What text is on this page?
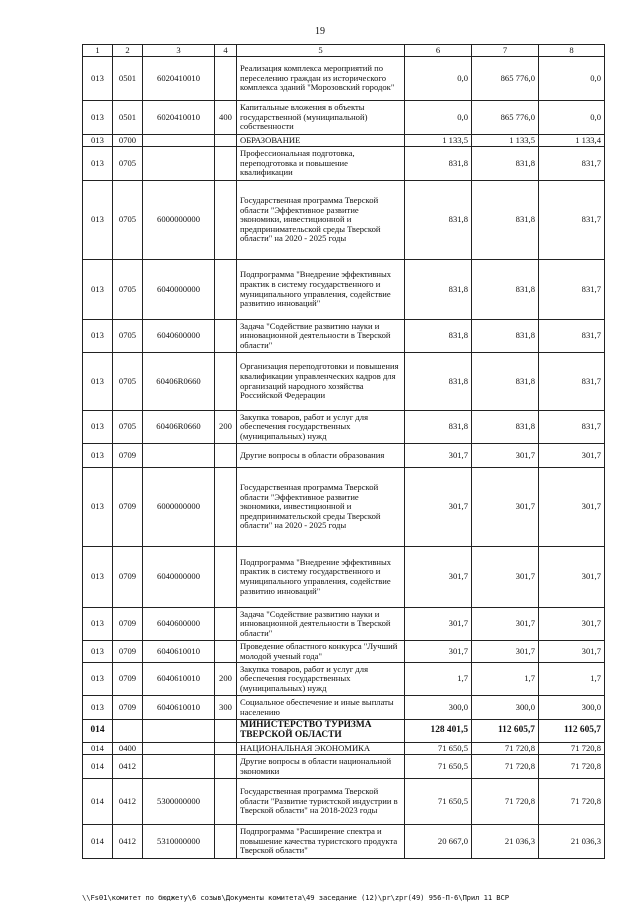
19
1	2	3	4	5	6	7	8
013	0501	6020410010		Реализация комплекса мероприятий по переселению граждан из исторического комплекса зданий "Морозовский городок"	0,0	865 776,0	0,0
013	0501	6020410010	400	Капитальные вложения в объекты государственной (муниципальной) собственности	0,0	865 776,0	0,0
013	0700			ОБРАЗОВАНИЕ	1 133,5	1 133,5	1 133,4
013	0705			Профессиональная подготовка, переподготовка и повышение квалификации	831,8	831,8	831,7
013	0705	6000000000		Государственная программа Тверской области "Эффективное развитие экономики, инвестиционной и предпринимательской среды Тверской области" на 2020 - 2025 годы	831,8	831,8	831,7
013	0705	6040000000		Подпрограмма "Внедрение эффективных практик в систему государственного и муниципального управления, содействие развитию инноваций"	831,8	831,8	831,7
013	0705	6040600000		Задача "Содействие развитию науки и инновационной деятельности в Тверской области"	831,8	831,8	831,7
013	0705	60406R0660		Организация переподготовки и повышения квалификации управленческих кадров для организаций народного хозяйства Российской Федерации	831,8	831,8	831,7
013	0705	60406R0660	200	Закупка товаров, работ и услуг для обеспечения государственных (муниципальных) нужд	831,8	831,8	831,7
013	0709			Другие вопросы в области образования	301,7	301,7	301,7
013	0709	6000000000		Государственная программа Тверской области "Эффективное развитие экономики, инвестиционной и предпринимательской среды Тверской области" на 2020 - 2025 годы	301,7	301,7	301,7
013	0709	6040000000		Подпрограмма "Внедрение эффективных практик в систему государственного и муниципального управления, содействие развитию инноваций"	301,7	301,7	301,7
013	0709	6040600000		Задача "Содействие развитию науки и инновационной деятельности в Тверской области"	301,7	301,7	301,7
013	0709	6040610010		Проведение областного конкурса "Лучший молодой ученый года"	301,7	301,7	301,7
013	0709	6040610010	200	Закупка товаров, работ и услуг для обеспечения государственных (муниципальных) нужд	1,7	1,7	1,7
013	0709	6040610010	300	Социальное обеспечение и иные выплаты населению	300,0	300,0	300,0
014				МИНИСТЕРСТВО ТУРИЗМА ТВЕРСКОЙ ОБЛАСТИ	128 401,5	112 605,7	112 605,7
014	0400			НАЦИОНАЛЬНАЯ ЭКОНОМИКА	71 650,5	71 720,8	71 720,8
014	0412			Другие вопросы в области национальной экономики	71 650,5	71 720,8	71 720,8
014	0412	5300000000		Государственная программа Тверской области "Развитие туристской индустрии в Тверской области" на 2018-2023 годы	71 650,5	71 720,8	71 720,8
014	0412	5310000000		Подпрограмма "Расширение спектра и повышение качества туристского продукта Тверской области"	20 667,0	21 036,3	21 036,3
\\Fs01\комитет по бюджету\6 созыв\Документы комитета\49 заседание (12)\pr\zpr(49) 956-П-6\Прил 11 ВСР
